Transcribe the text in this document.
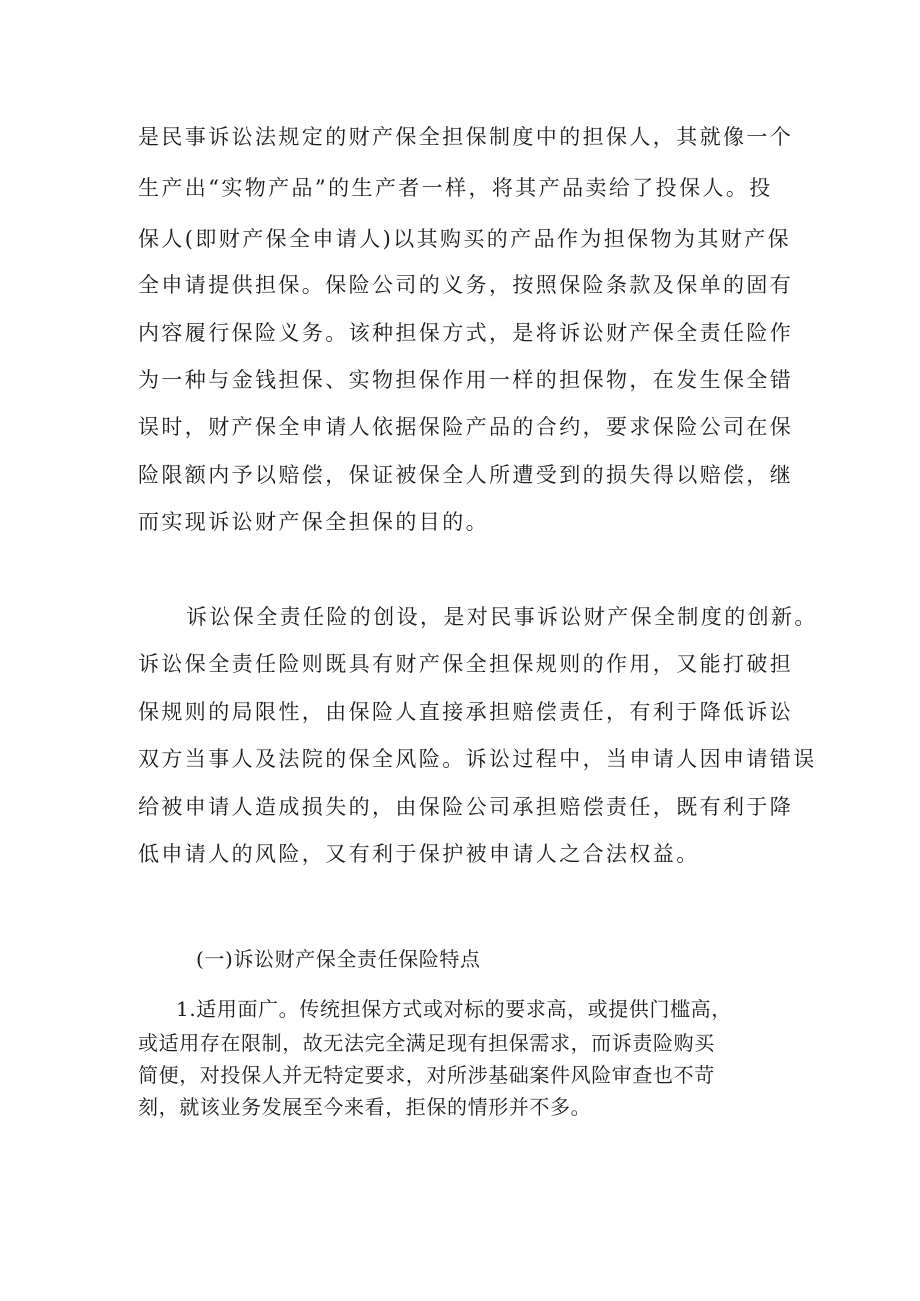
是民事诉讼法规定的财产保全担保制度中的担保人，其就像一个
生产出“实物产品”的生产者一样，将其产品卖给了投保人。投
保人(即财产保全申请人)以其购买的产品作为担保物为其财产保
全申请提供担保。保险公司的义务，按照保险条款及保单的固有
内容履行保险义务。该种担保方式，是将诉讼财产保全责任险作
为一种与金钱担保、实物担保作用一样的担保物，在发生保全错
误时，财产保全申请人依据保险产品的合约，要求保险公司在保
险限额内予以赔偿，保证被保全人所遭受到的损失得以赔偿，继
而实现诉讼财产保全担保的目的。
诉讼保全责任险的创设，是对民事诉讼财产保全制度的创新。
诉讼保全责任险则既具有财产保全担保规则的作用，又能打破担
保规则的局限性，由保险人直接承担赔偿责任，有利于降低诉讼
双方当事人及法院的保全风险。诉讼过程中，当申请人因申请错误
给被申请人造成损失的，由保险公司承担赔偿责任，既有利于降
低申请人的风险，又有利于保护被申请人之合法权益。
(一)诉讼财产保全责任保险特点
1.适用面广。传统担保方式或对标的要求高，或提供门槛高，
或适用存在限制，故无法完全满足现有担保需求，而诉责险购买
简便，对投保人并无特定要求，对所涉基础案件风险审查也不苛
刻，就该业务发展至今来看，拒保的情形并不多。
